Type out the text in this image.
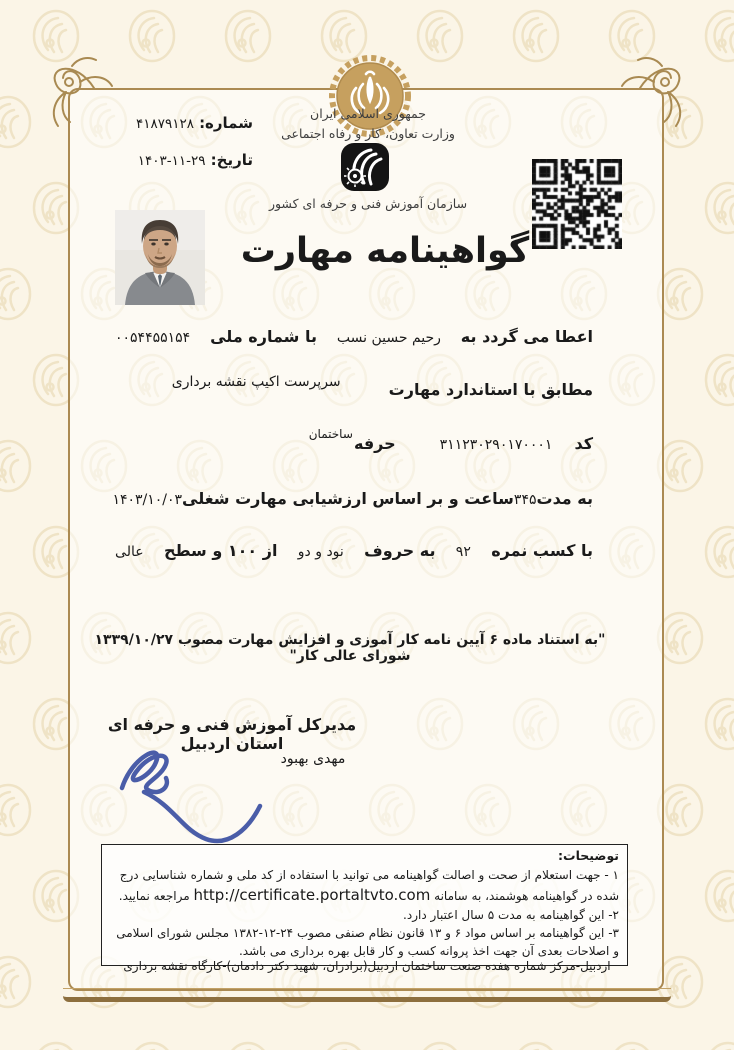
جمهوری اسلامی ایران
وزارت تعاون، کار و رفاه اجتماعی
سازمان آموزش فنی و حرفه ای کشور
شماره: ۴۱۸۷۹۱۲۸
تاریخ: ۱۴۰۳-۱۱-۲۹
گواهینامه مهارت
اعطا می گردد به
رحیم حسین نسب
با شماره ملی
۰۰۵۴۴۵۵۱۵۴
مطابق با استاندارد مهارت
سرپرست اکیپ نقشه برداری
کد
۳۱۱۲۳۰۲۹۰۱۷۰۰۰۱
حرفه $^{ساختمان}$
به مدت
۳۴۵
ساعت و بر اساس ارزشیابی مهارت شغلی
۱۴۰۳/۱۰/۰۳
با کسب نمره
۹۲
به حروف
نود و دو
از ۱۰۰ و سطح
عالی
"به استناد ماده ۶ آیین نامه کار آموزی و افزایش مهارت مصوب ۱۳۳۹/۱۰/۲۷ شورای عالی کار"
مدیرکل آموزش فنی و حرفه ای استان اردبیل
مهدی بهبود
توضیحات:
۱ - جهت استعلام از صحت و اصالت گواهینامه می توانید با استفاده از کد ملی و شماره شناسایی درج شده در گواهینامه هوشمند، به سامانه http://certificate.portaltvto.com مراجعه نمایید.
۲- این گواهینامه به مدت ۵ سال اعتبار دارد.
۳- این گواهینامه بر اساس مواد ۶ و ۱۳ قانون نظام صنفی مصوب ۲۴-۱۲-۱۳۸۲ مجلس شورای اسلامی و اصلاحات بعدی آن جهت اخذ پروانه کسب و کار قابل بهره برداری می باشد.
اردبیل-مرکز شماره هفده صنعت ساختمان اردبیل(برادران، شهید دکتر دادمان)-کارگاه نقشه برداری
